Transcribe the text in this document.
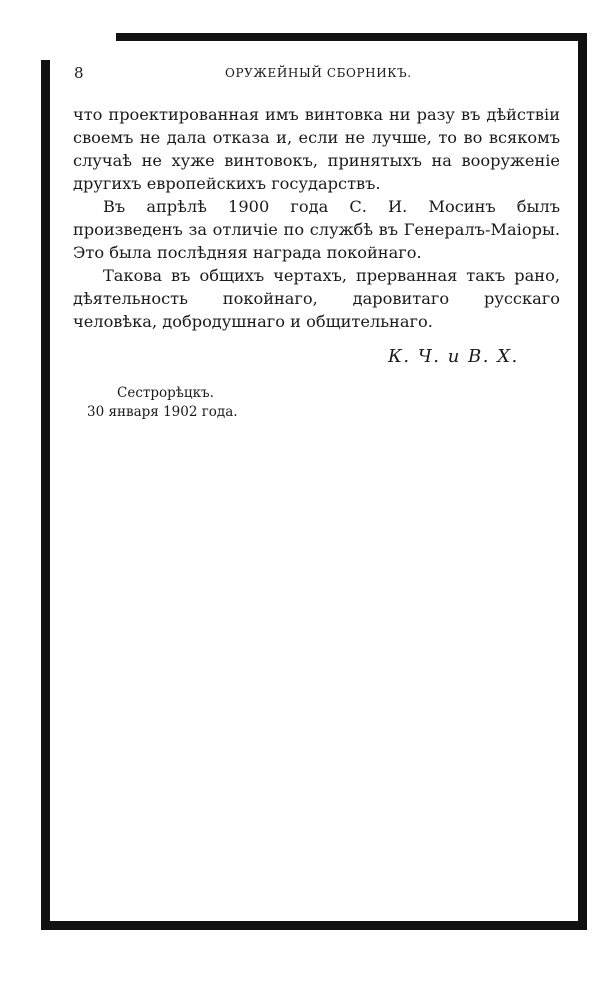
8	ОРУЖЕЙНЫЙ СБОРНИКЪ.

что проектированная имъ винтовка ни разу въ дѣйствiи своемъ не дала отказа и, если не лучше, то во всякомъ случаѣ не хуже винтовокъ, принятыхъ на вооруженiе другихъ европейскихъ государствъ.

Въ апрѣлѣ 1900 года С. И. Мосинъ былъ произведенъ за отличiе по службѣ въ Генералъ-Маiоры. Это была послѣдняя награда покойнаго.

Такова въ общихъ чертахъ, прерванная такъ рано, дѣятельность покойнаго, даровитаго русскаго человѣка, добродушнаго и общительнаго.

К. Ч. и В. Х.
Сестрорѣцкъ.
30 января 1902 года.
